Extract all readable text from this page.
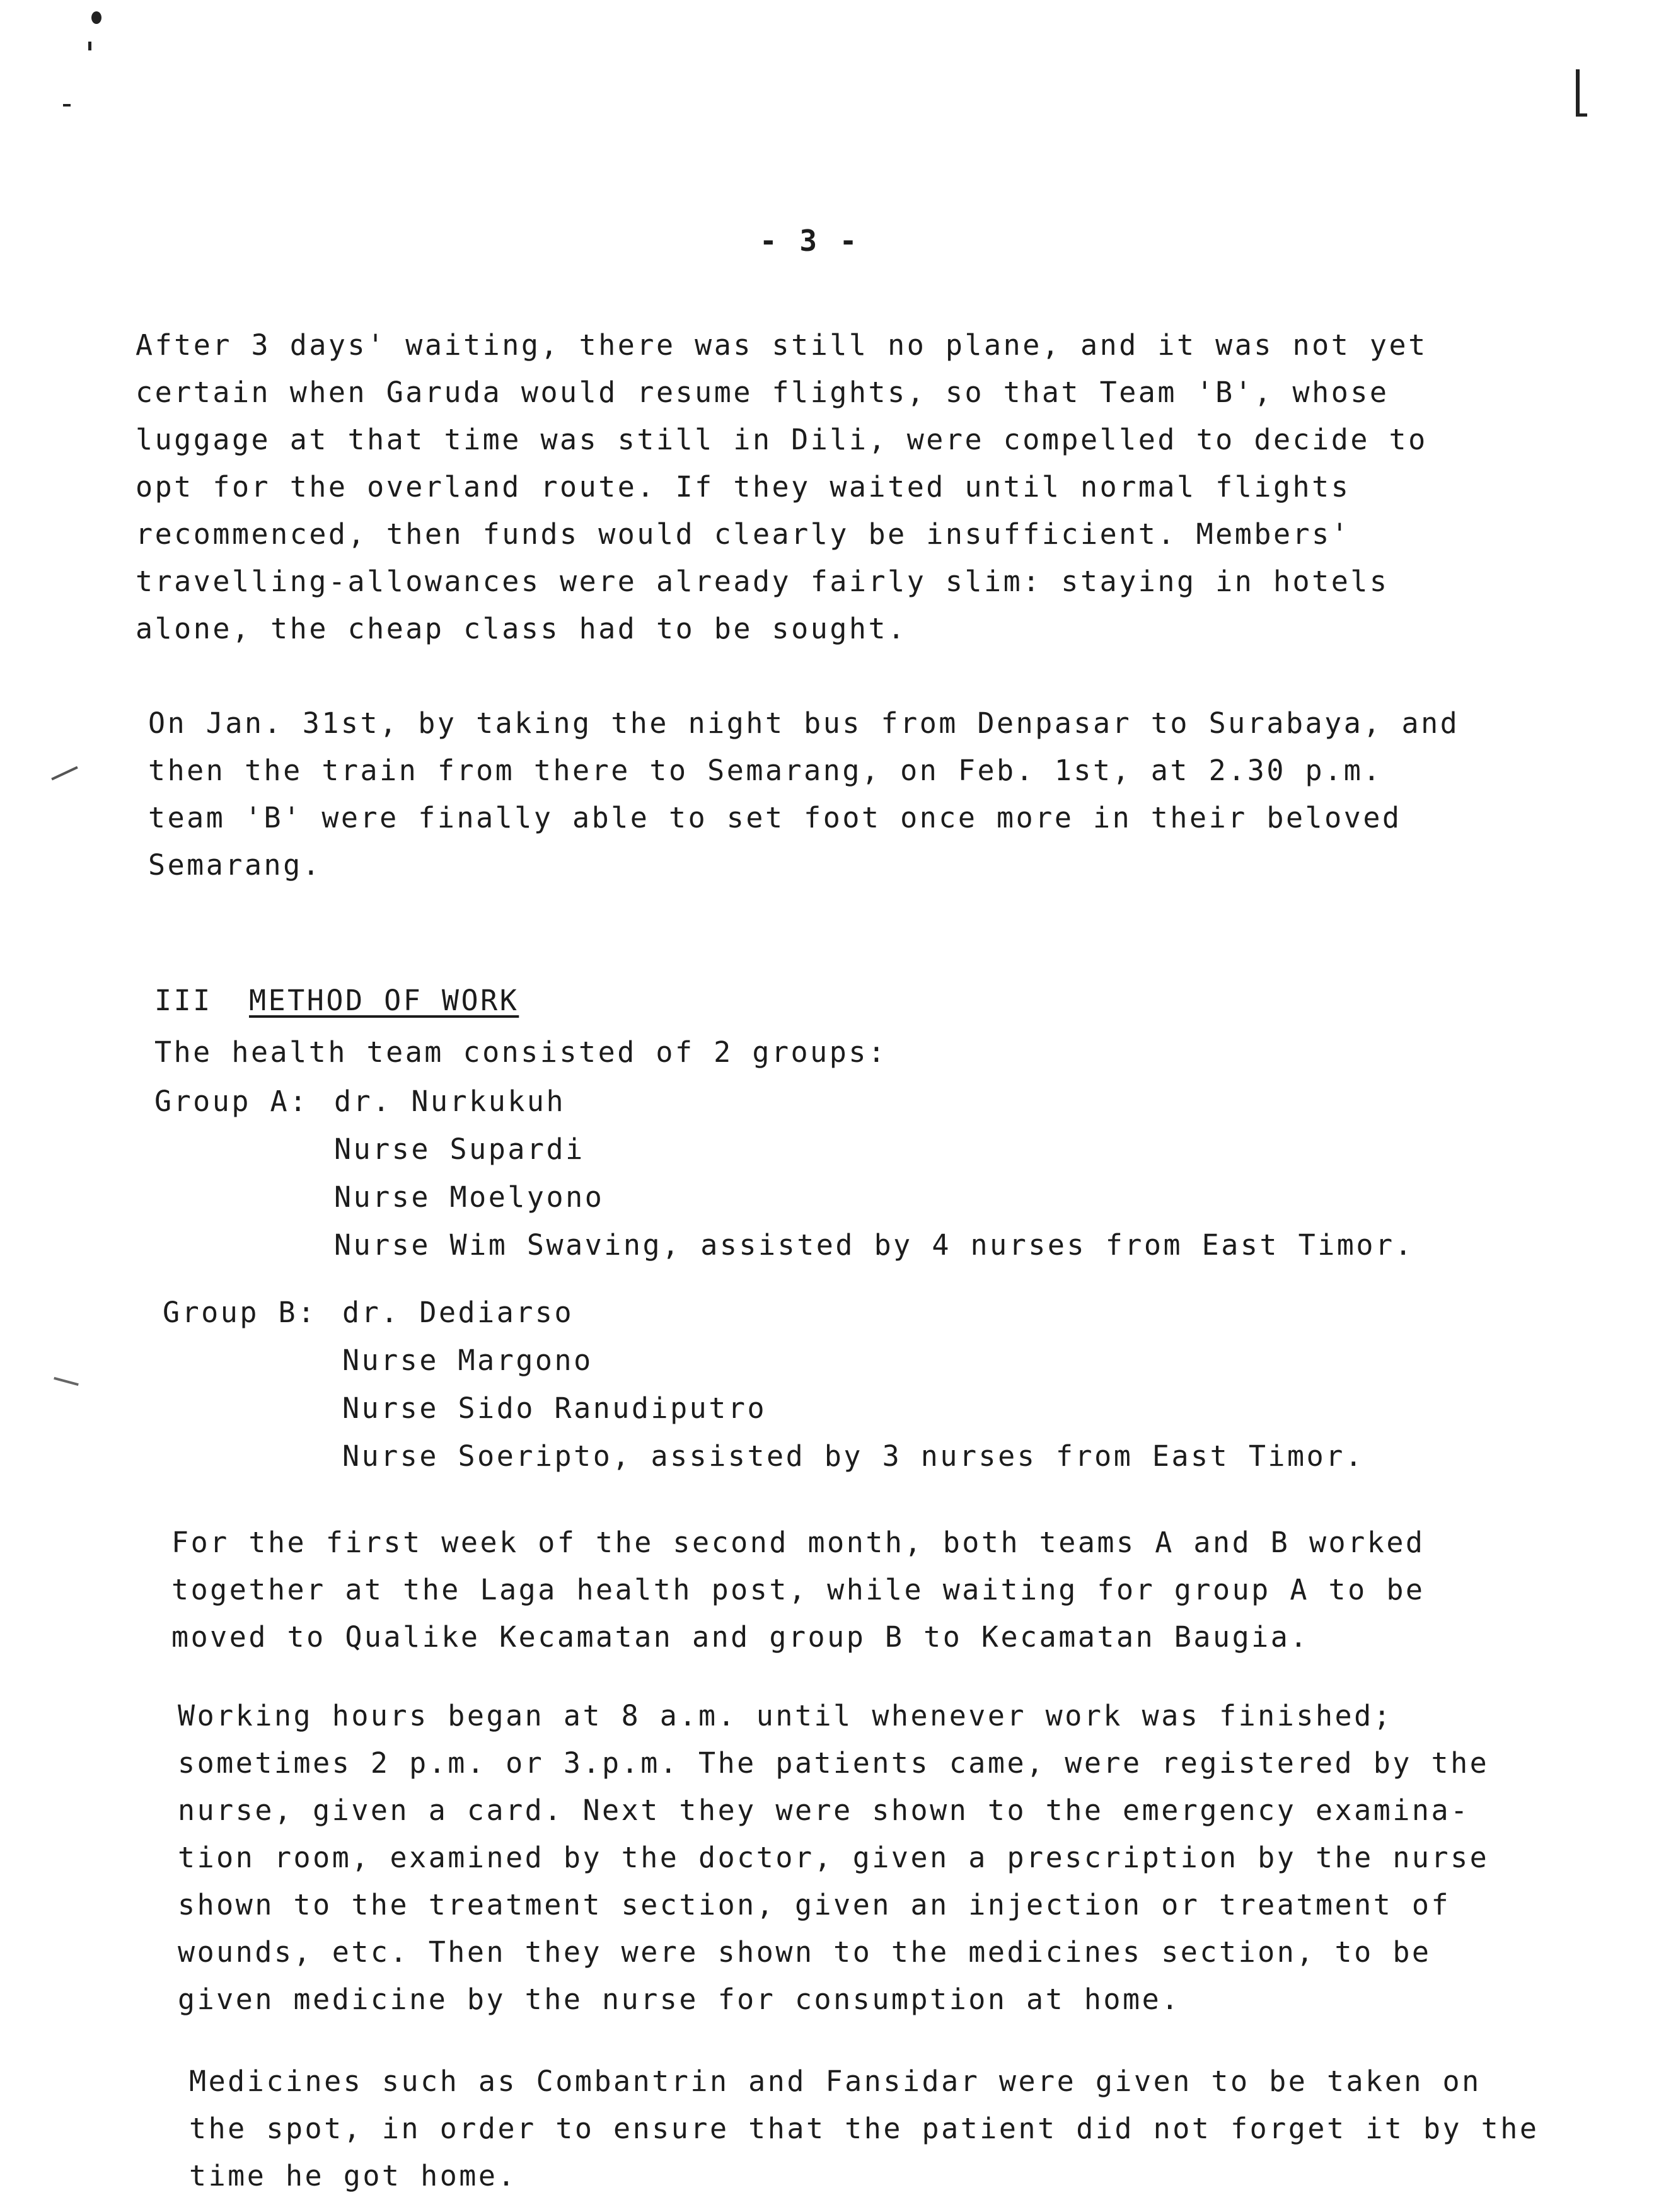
- 3 -
After 3 days' waiting, there was still no plane, and it was not yet
certain when Garuda would resume flights, so that Team 'B', whose
luggage at that time was still in Dili, were compelled to decide to
opt for the overland route. If they waited until normal flights
recommenced, then funds would clearly be insufficient. Members'
travelling-allowances were already fairly slim: staying in hotels
alone, the cheap class had to be sought.
On Jan. 31st, by taking the night bus from Denpasar to Surabaya, and
then the train from there to Semarang, on Feb. 1st, at 2.30 p.m.
team 'B' were finally able to set foot once more in their beloved
Semarang.
III METHOD OF WORK
The health team consisted of 2 groups:
Group A: dr. Nurkukuh
Nurse Supardi
Nurse Moelyono
Nurse Wim Swaving, assisted by 4 nurses from East Timor.
Group B: dr. Dediarso
Nurse Margono
Nurse Sido Ranudiputro
Nurse Soeripto, assisted by 3 nurses from East Timor.
For the first week of the second month, both teams A and B worked
together at the Laga health post, while waiting for group A to be
moved to Qualike Kecamatan and group B to Kecamatan Baugia.
Working hours began at 8 a.m. until whenever work was finished;
sometimes 2 p.m. or 3.p.m. The patients came, were registered by the
nurse, given a card. Next they were shown to the emergency examina-
tion room, examined by the doctor, given a prescription by the nurse
shown to the treatment section, given an injection or treatment of
wounds, etc. Then they were shown to the medicines section, to be
given medicine by the nurse for consumption at home.
Medicines such as Combantrin and Fansidar were given to be taken on
the spot, in order to ensure that the patient did not forget it by the
time he got home.
